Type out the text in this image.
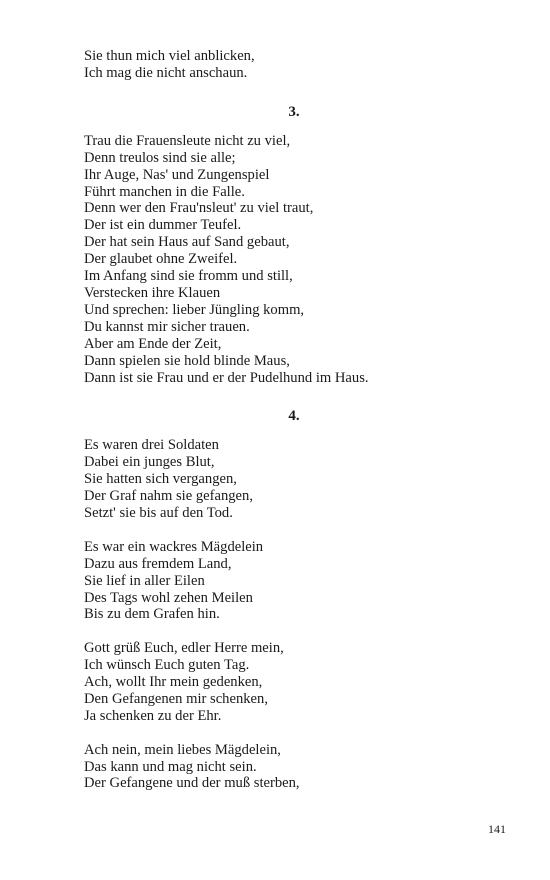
Sie thun mich viel anblicken,
Ich mag die nicht anschaun.
3.
Trau die Frauensleute nicht zu viel,
Denn treulos sind sie alle;
Ihr Auge, Nas' und Zungenspiel
Führt manchen in die Falle.
Denn wer den Frau'nsleut' zu viel traut,
Der ist ein dummer Teufel.
Der hat sein Haus auf Sand gebaut,
Der glaubet ohne Zweifel.
Im Anfang sind sie fromm und still,
Verstecken ihre Klauen
Und sprechen: lieber Jüngling komm,
Du kannst mir sicher trauen.
Aber am Ende der Zeit,
Dann spielen sie hold blinde Maus,
Dann ist sie Frau und er der Pudelhund im Haus.
4.
Es waren drei Soldaten
Dabei ein junges Blut,
Sie hatten sich vergangen,
Der Graf nahm sie gefangen,
Setzt' sie bis auf den Tod.
Es war ein wackres Mägdelein
Dazu aus fremdem Land,
Sie lief in aller Eilen
Des Tags wohl zehen Meilen
Bis zu dem Grafen hin.
Gott grüß Euch, edler Herre mein,
Ich wünsch Euch guten Tag.
Ach, wollt Ihr mein gedenken,
Den Gefangenen mir schenken,
Ja schenken zu der Ehr.
Ach nein, mein liebes Mägdelein,
Das kann und mag nicht sein.
Der Gefangene und der muß sterben,
141
